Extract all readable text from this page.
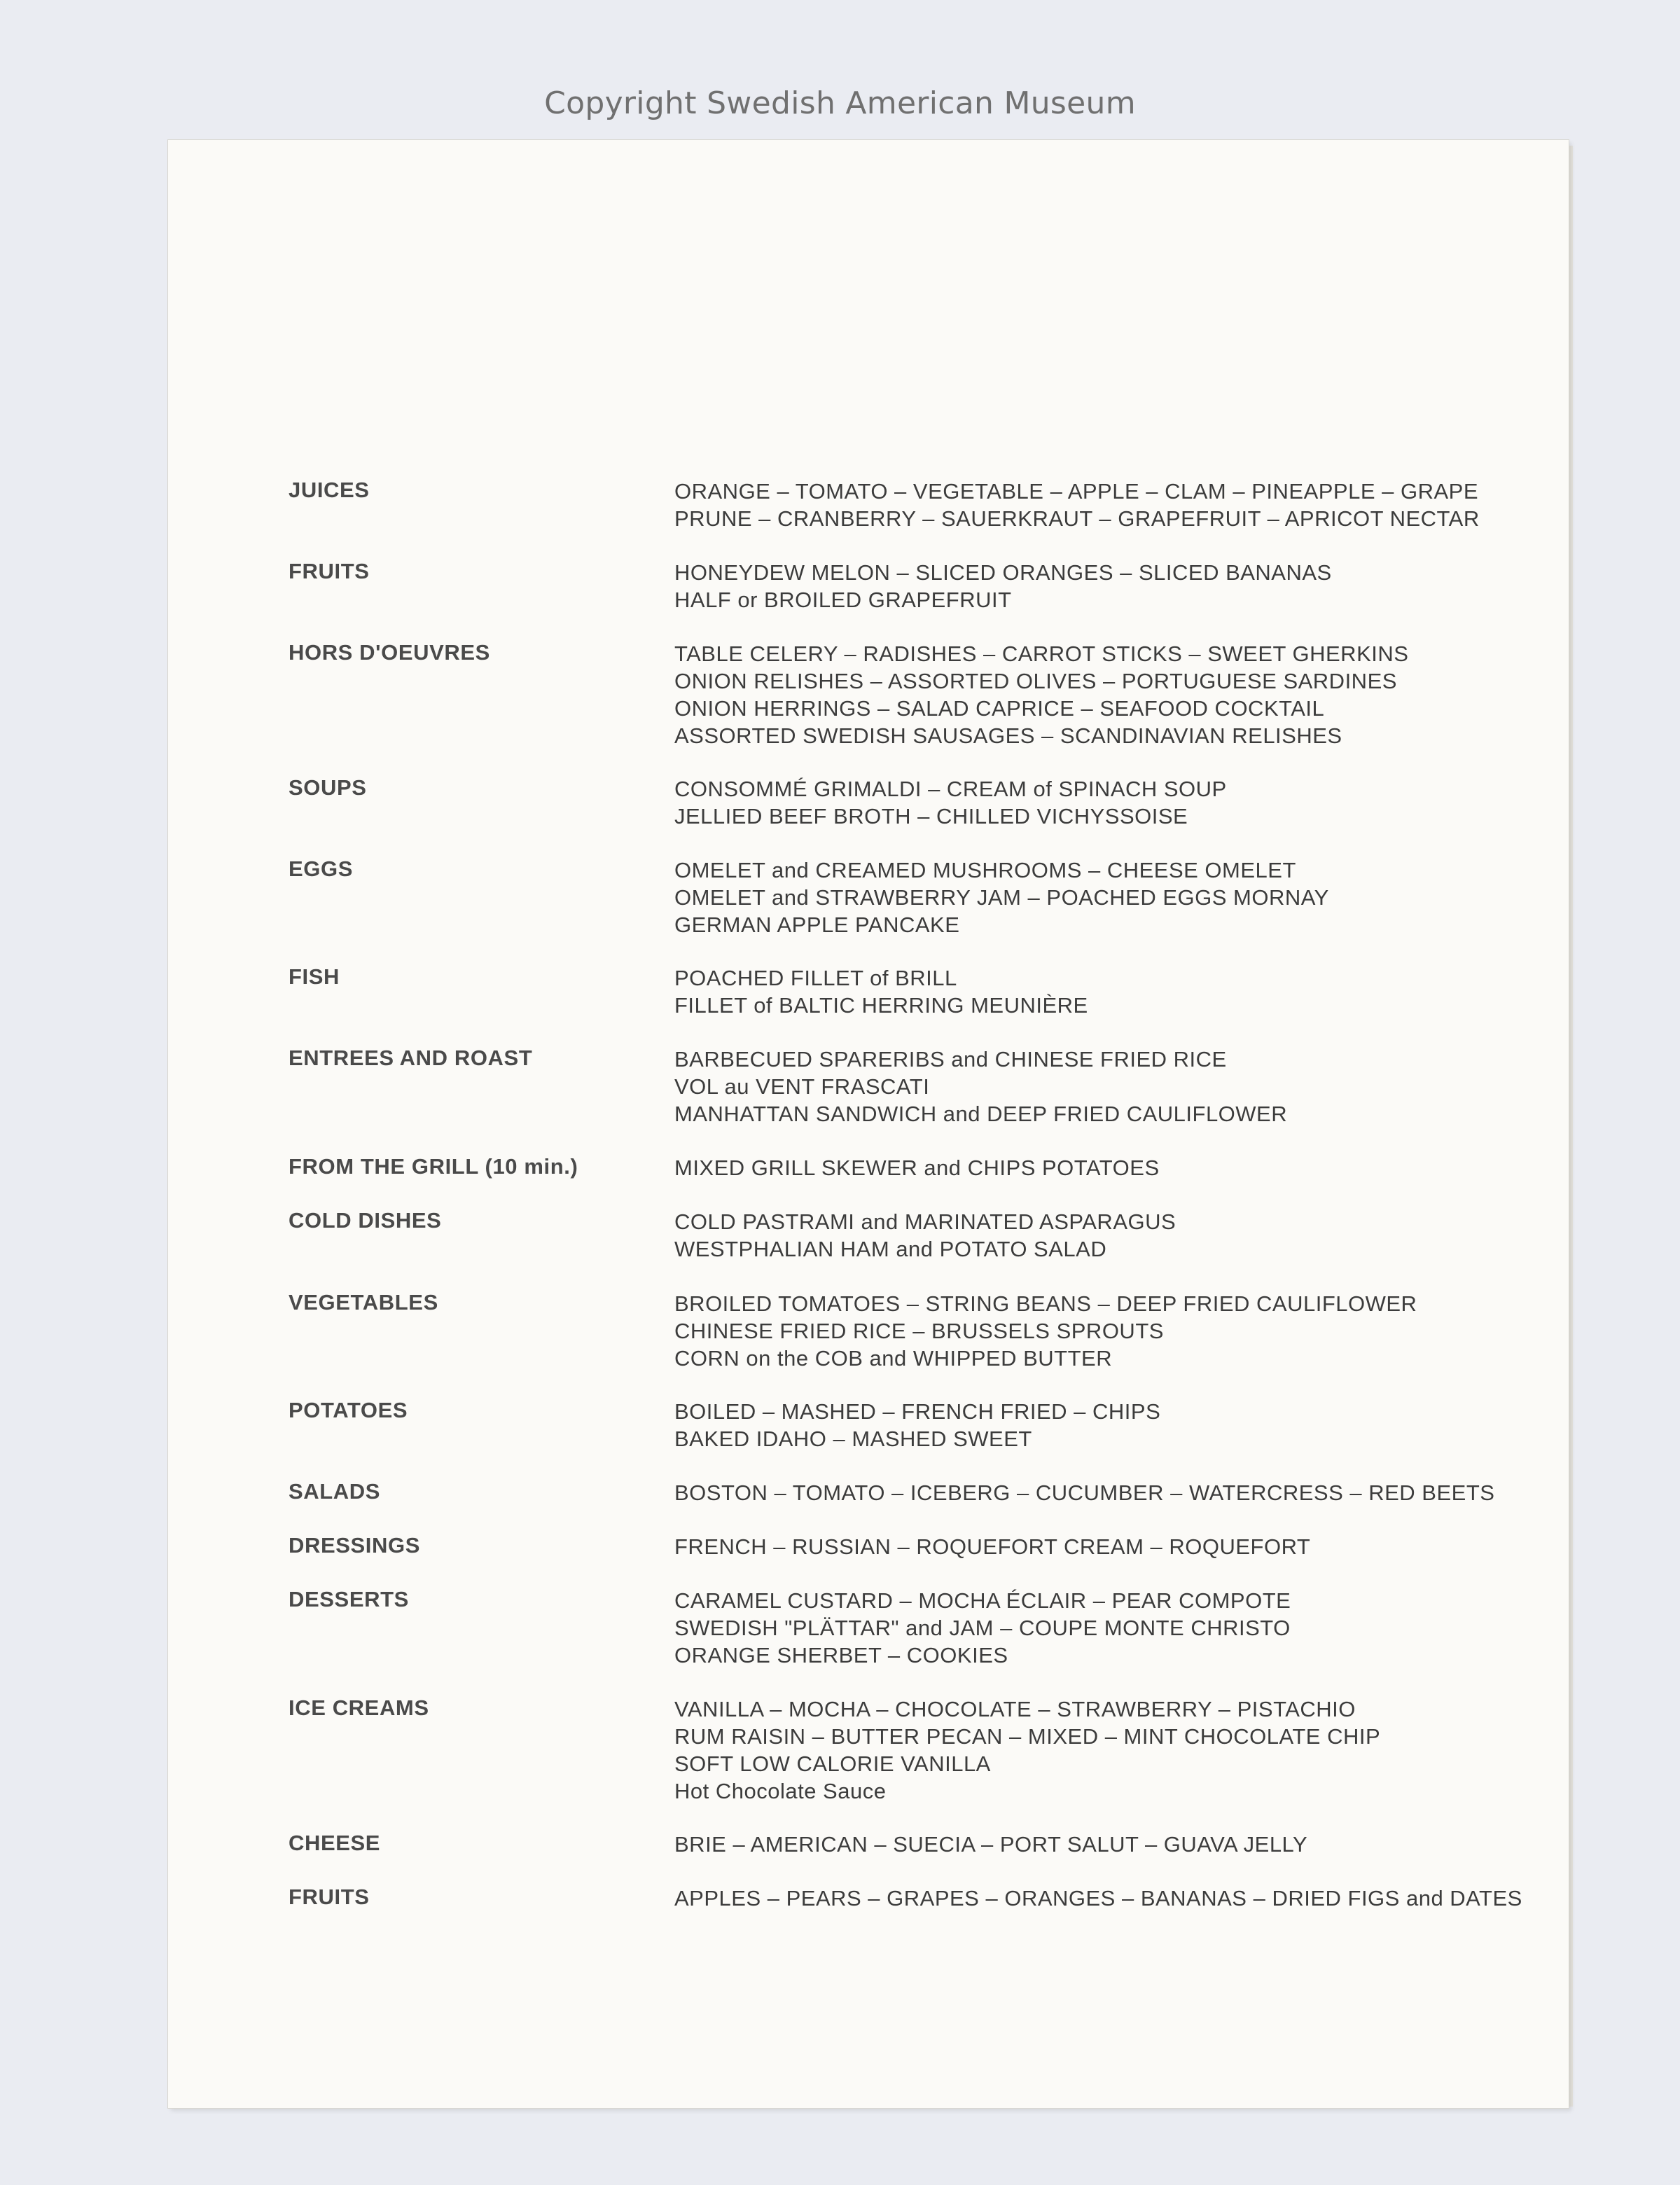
Copyright Swedish American Museum
JUICES	ORANGE – TOMATO – VEGETABLE – APPLE – CLAM – PINEAPPLE – GRAPE
PRUNE – CRANBERRY – SAUERKRAUT – GRAPEFRUIT – APRICOT NECTAR
FRUITS	HONEYDEW MELON – SLICED ORANGES – SLICED BANANAS
HALF or BROILED GRAPEFRUIT
HORS D'OEUVRES	TABLE CELERY – RADISHES – CARROT STICKS – SWEET GHERKINS
ONION RELISHES – ASSORTED OLIVES – PORTUGUESE SARDINES
ONION HERRINGS – SALAD CAPRICE – SEAFOOD COCKTAIL
ASSORTED SWEDISH SAUSAGES – SCANDINAVIAN RELISHES
SOUPS	CONSOMMÉ GRIMALDI – CREAM of SPINACH SOUP
JELLIED BEEF BROTH – CHILLED VICHYSSOISE
EGGS	OMELET and CREAMED MUSHROOMS – CHEESE OMELET
OMELET and STRAWBERRY JAM – POACHED EGGS MORNAY
GERMAN APPLE PANCAKE
FISH	POACHED FILLET of BRILL
FILLET of BALTIC HERRING MEUNIÈRE
ENTREES AND ROAST	BARBECUED SPARERIBS and CHINESE FRIED RICE
VOL au VENT FRASCATI
MANHATTAN SANDWICH and DEEP FRIED CAULIFLOWER
FROM THE GRILL (10 min.)	MIXED GRILL SKEWER and CHIPS POTATOES
COLD DISHES	COLD PASTRAMI and MARINATED ASPARAGUS
WESTPHALIAN HAM and POTATO SALAD
VEGETABLES	BROILED TOMATOES – STRING BEANS – DEEP FRIED CAULIFLOWER
CHINESE FRIED RICE – BRUSSELS SPROUTS
CORN on the COB and WHIPPED BUTTER
POTATOES	BOILED – MASHED – FRENCH FRIED – CHIPS
BAKED IDAHO – MASHED SWEET
SALADS	BOSTON – TOMATO – ICEBERG – CUCUMBER – WATERCRESS – RED BEETS
DRESSINGS	FRENCH – RUSSIAN – ROQUEFORT CREAM – ROQUEFORT
DESSERTS	CARAMEL CUSTARD – MOCHA ÉCLAIR – PEAR COMPOTE
SWEDISH "PLÄTTAR" and JAM – COUPE MONTE CHRISTO
ORANGE SHERBET – COOKIES
ICE CREAMS	VANILLA – MOCHA – CHOCOLATE – STRAWBERRY – PISTACHIO
RUM RAISIN – BUTTER PECAN – MIXED – MINT CHOCOLATE CHIP
SOFT LOW CALORIE VANILLA
Hot Chocolate Sauce
CHEESE	BRIE – AMERICAN – SUECIA – PORT SALUT – GUAVA JELLY
FRUITS	APPLES – PEARS – GRAPES – ORANGES – BANANAS – DRIED FIGS and DATES
